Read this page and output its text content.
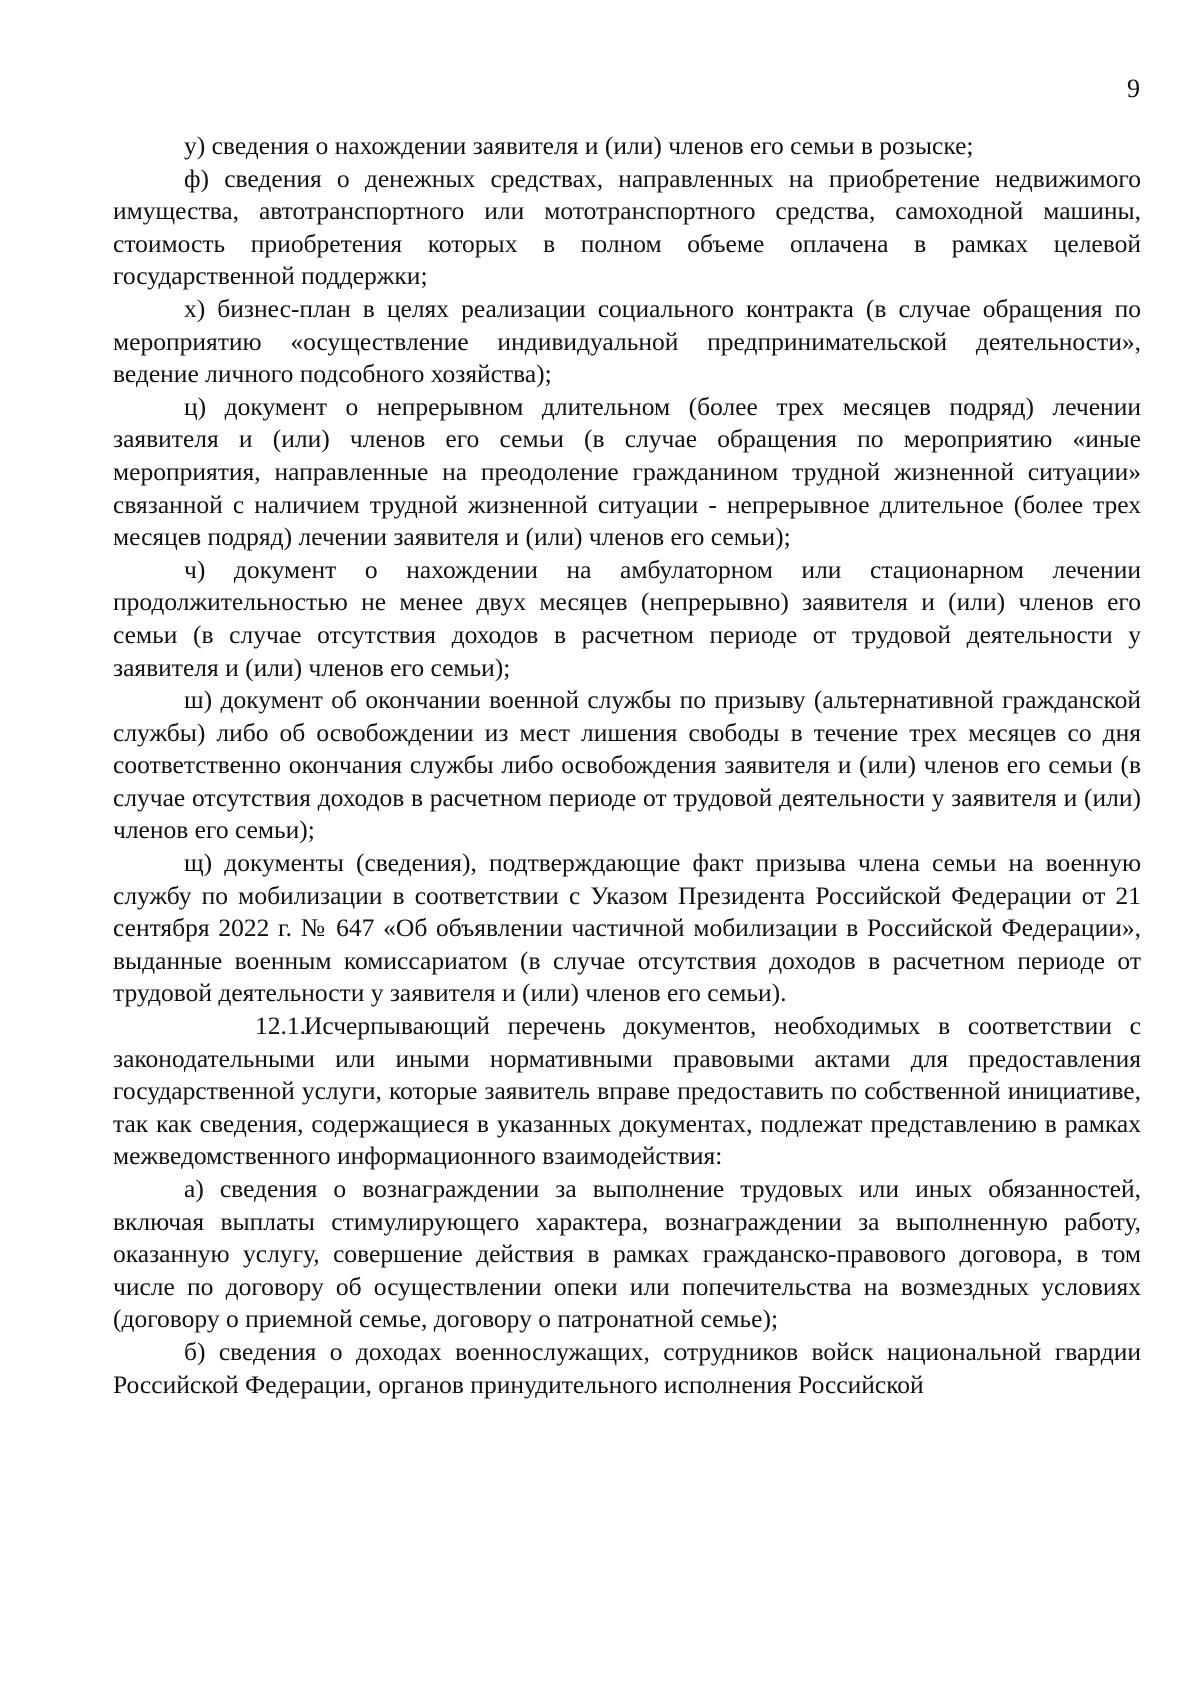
9

у) сведения о нахождении заявителя и (или) членов его семьи в розыске;

ф) сведения о денежных средствах, направленных на приобретение недвижимого имущества, автотранспортного или мототранспортного средства, самоходной машины, стоимость приобретения которых в полном объеме оплачена в рамках целевой государственной поддержки;

х) бизнес-план в целях реализации социального контракта (в случае обращения по мероприятию «осуществление индивидуальной предпринимательской деятельности», ведение личного подсобного хозяйства);

ц) документ о непрерывном длительном (более трех месяцев подряд) лечении заявителя и (или) членов его семьи (в случае обращения по мероприятию «иные мероприятия, направленные на преодоление гражданином трудной жизненной ситуации» связанной с наличием трудной жизненной ситуации - непрерывное длительное (более трех месяцев подряд) лечении заявителя и (или) членов его семьи);

ч) документ о нахождении на амбулаторном или стационарном лечении продолжительностью не менее двух месяцев (непрерывно) заявителя и (или) членов его семьи (в случае отсутствия доходов в расчетном периоде от трудовой деятельности у заявителя и (или) членов его семьи);

ш) документ об окончании военной службы по призыву (альтернативной гражданской службы) либо об освобождении из мест лишения свободы в течение трех месяцев со дня соответственно окончания службы либо освобождения заявителя и (или) членов его семьи (в случае отсутствия доходов в расчетном периоде от трудовой деятельности у заявителя и (или) членов его семьи);

щ) документы (сведения), подтверждающие факт призыва члена семьи на военную службу по мобилизации в соответствии с Указом Президента Российской Федерации от 21 сентября 2022 г. № 647 «Об объявлении частичной мобилизации в Российской Федерации», выданные военным комиссариатом (в случае отсутствия доходов в расчетном периоде от трудовой деятельности у заявителя и (или) членов его семьи).

12.1.Исчерпывающий перечень документов, необходимых в соответствии с законодательными или иными нормативными правовыми актами для предоставления государственной услуги, которые заявитель вправе предоставить по собственной инициативе, так как сведения, содержащиеся в указанных документах, подлежат представлению в рамках межведомственного информационного взаимодействия:

а) сведения о вознаграждении за выполнение трудовых или иных обязанностей, включая выплаты стимулирующего характера, вознаграждении за выполненную работу, оказанную услугу, совершение действия в рамках гражданско-правового договора, в том числе по договору об осуществлении опеки или попечительства на возмездных условиях (договору о приемной семье, договору о патронатной семье);

б) сведения о доходах военнослужащих, сотрудников войск национальной гвардии Российской Федерации, органов принудительного исполнения Российской
